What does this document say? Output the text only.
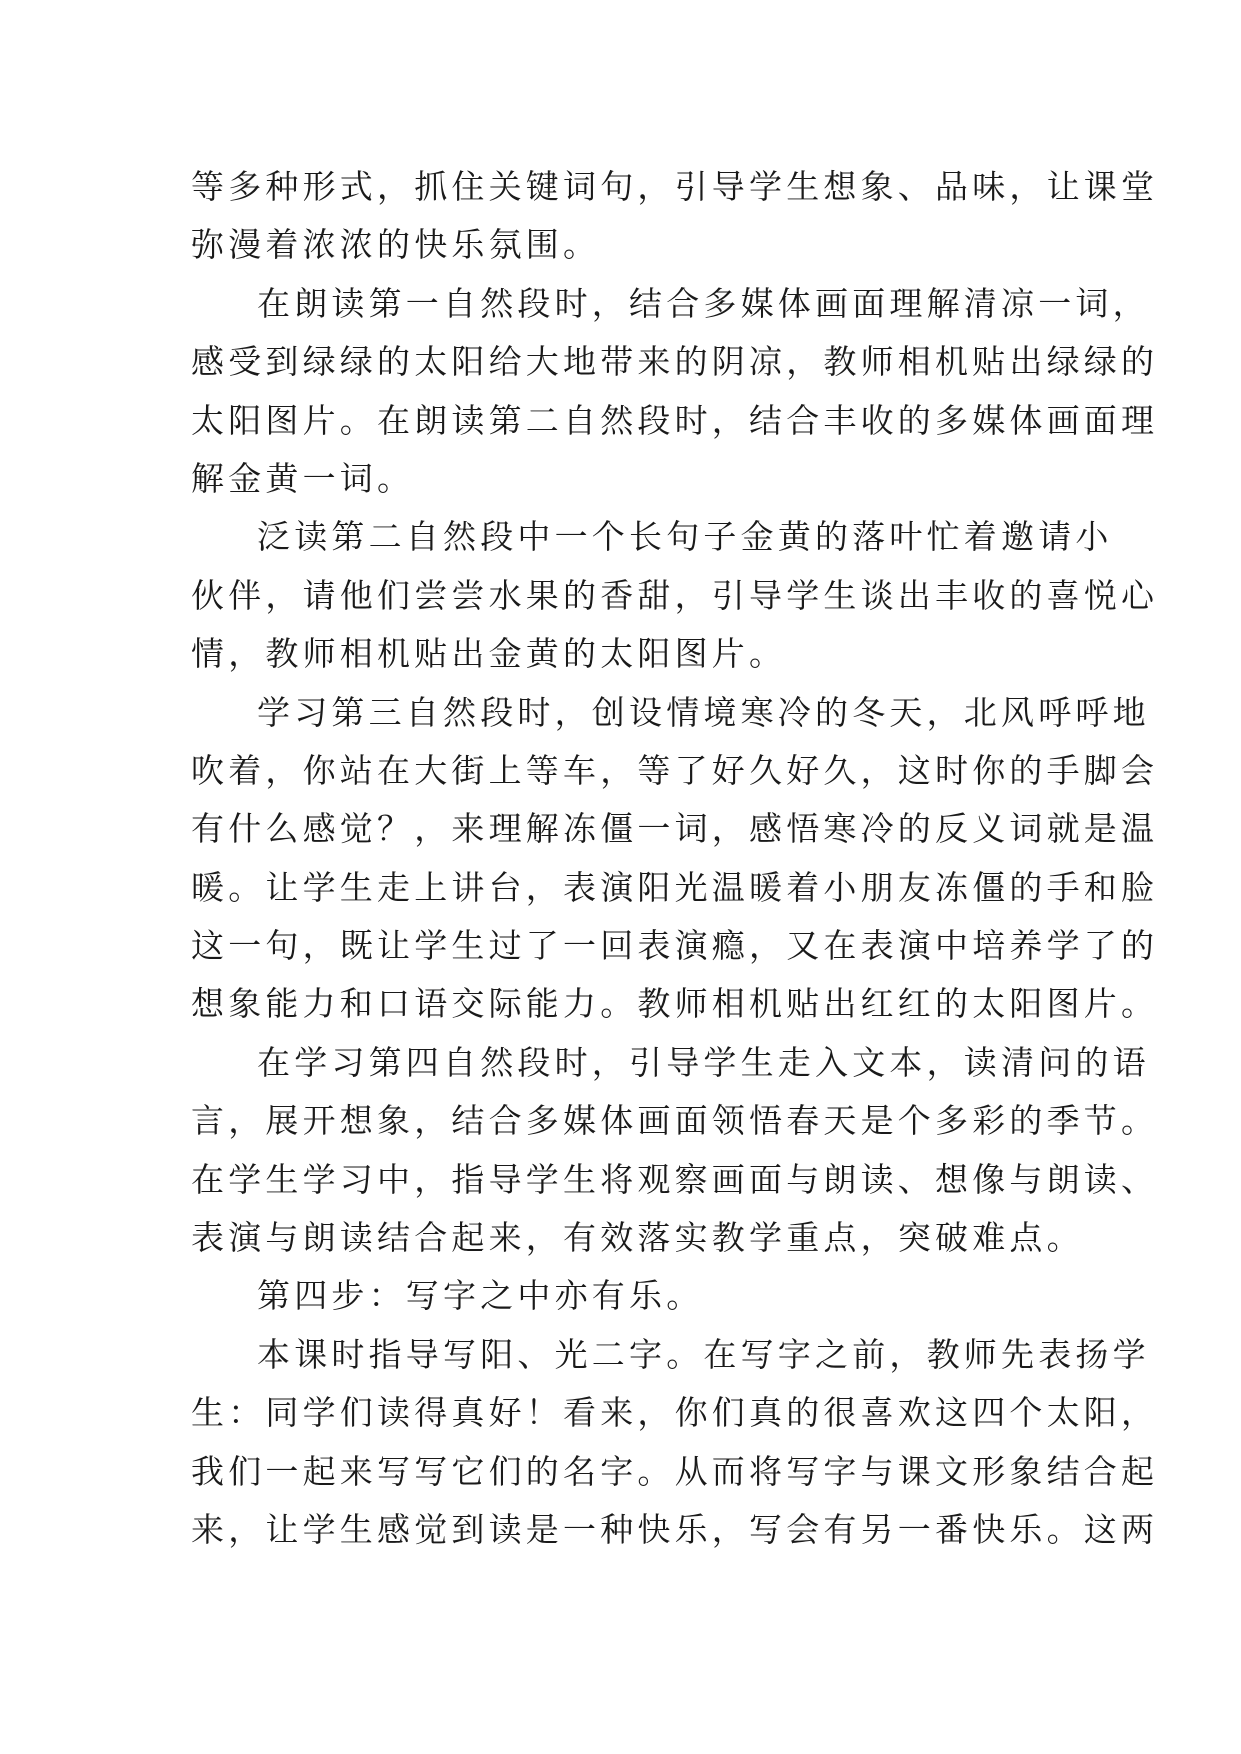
等多种形式，抓住关键词句，引导学生想象、品味，让课堂
弥漫着浓浓的快乐氛围。
在朗读第一自然段时，结合多媒体画面理解清凉一词，
感受到绿绿的太阳给大地带来的阴凉，教师相机贴出绿绿的
太阳图片。在朗读第二自然段时，结合丰收的多媒体画面理
解金黄一词。
泛读第二自然段中一个长句子金黄的落叶忙着邀请小
伙伴，请他们尝尝水果的香甜，引导学生谈出丰收的喜悦心
情，教师相机贴出金黄的太阳图片。
学习第三自然段时，创设情境寒冷的冬天，北风呼呼地
吹着，你站在大街上等车，等了好久好久，这时你的手脚会
有什么感觉？，来理解冻僵一词，感悟寒冷的反义词就是温
暖。让学生走上讲台，表演阳光温暖着小朋友冻僵的手和脸
这一句，既让学生过了一回表演瘾，又在表演中培养学了的
想象能力和口语交际能力。教师相机贴出红红的太阳图片。
在学习第四自然段时，引导学生走入文本，读清问的语
言，展开想象，结合多媒体画面领悟春天是个多彩的季节。
在学生学习中，指导学生将观察画面与朗读、想像与朗读、
表演与朗读结合起来，有效落实教学重点，突破难点。
第四步：写字之中亦有乐。
本课时指导写阳、光二字。在写字之前，教师先表扬学
生：同学们读得真好！看来，你们真的很喜欢这四个太阳，
我们一起来写写它们的名字。从而将写字与课文形象结合起
来，让学生感觉到读是一种快乐，写会有另一番快乐。这两
